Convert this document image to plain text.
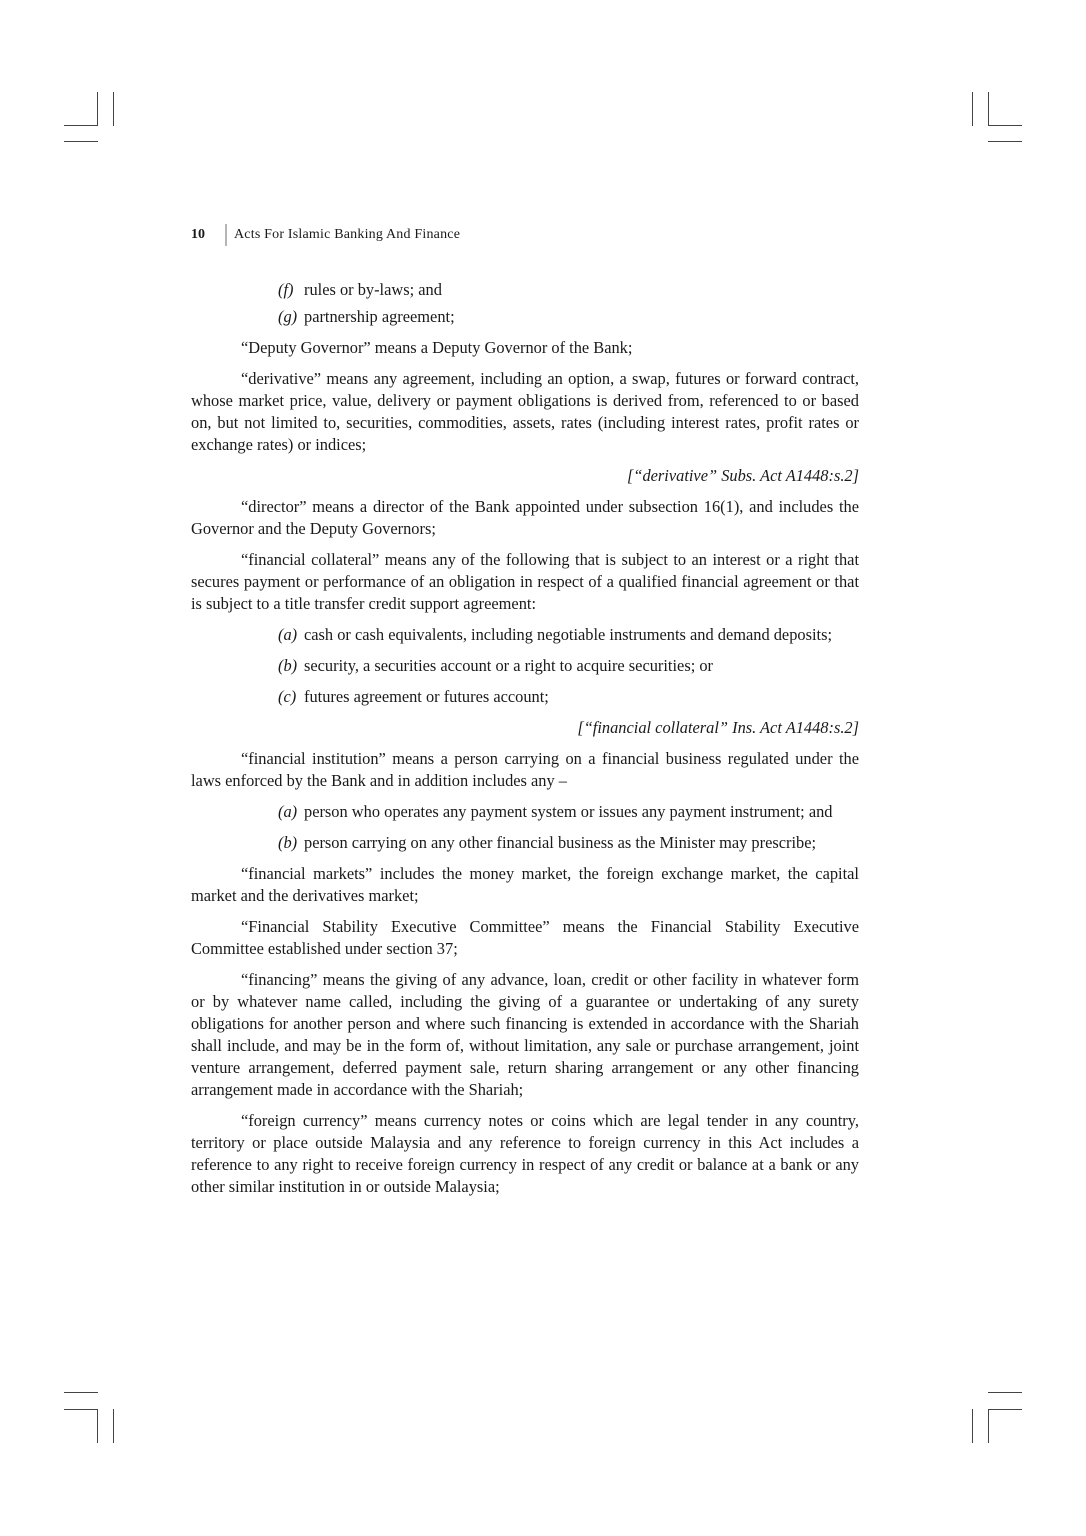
10	Acts For Islamic Banking And Finance
(f) rules or by-laws; and
(g) partnership agreement;

“Deputy Governor” means a Deputy Governor of the Bank;

“derivative” means any agreement, including an option, a swap, futures or forward contract, whose market price, value, delivery or payment obligations is derived from, referenced to or based on, but not limited to, securities, commodities, assets, rates (including interest rates, profit rates or exchange rates) or indices;

[“derivative” Subs. Act A1448:s.2]

“director” means a director of the Bank appointed under subsection 16(1), and includes the Governor and the Deputy Governors;

“financial collateral” means any of the following that is subject to an interest or a right that secures payment or performance of an obligation in respect of a qualified financial agreement or that is subject to a title transfer credit support agreement:

(a) cash or cash equivalents, including negotiable instruments and demand deposits;
(b) security, a securities account or a right to acquire securities; or
(c) futures agreement or futures account;

[“financial collateral” Ins. Act A1448:s.2]

“financial institution” means a person carrying on a financial business regulated under the laws enforced by the Bank and in addition includes any –

(a) person who operates any payment system or issues any payment instrument; and
(b) person carrying on any other financial business as the Minister may prescribe;

“financial markets” includes the money market, the foreign exchange market, the capital market and the derivatives market;

“Financial Stability Executive Committee” means the Financial Stability Executive Committee established under section 37;

“financing” means the giving of any advance, loan, credit or other facility in whatever form or by whatever name called, including the giving of a guarantee or undertaking of any surety obligations for another person and where such financing is extended in accordance with the Shariah shall include, and may be in the form of, without limitation, any sale or purchase arrangement, joint venture arrangement, deferred payment sale, return sharing arrangement or any other financing arrangement made in accordance with the Shariah;

“foreign currency” means currency notes or coins which are legal tender in any country, territory or place outside Malaysia and any reference to foreign currency in this Act includes a reference to any right to receive foreign currency in respect of any credit or balance at a bank or any other similar institution in or outside Malaysia;
